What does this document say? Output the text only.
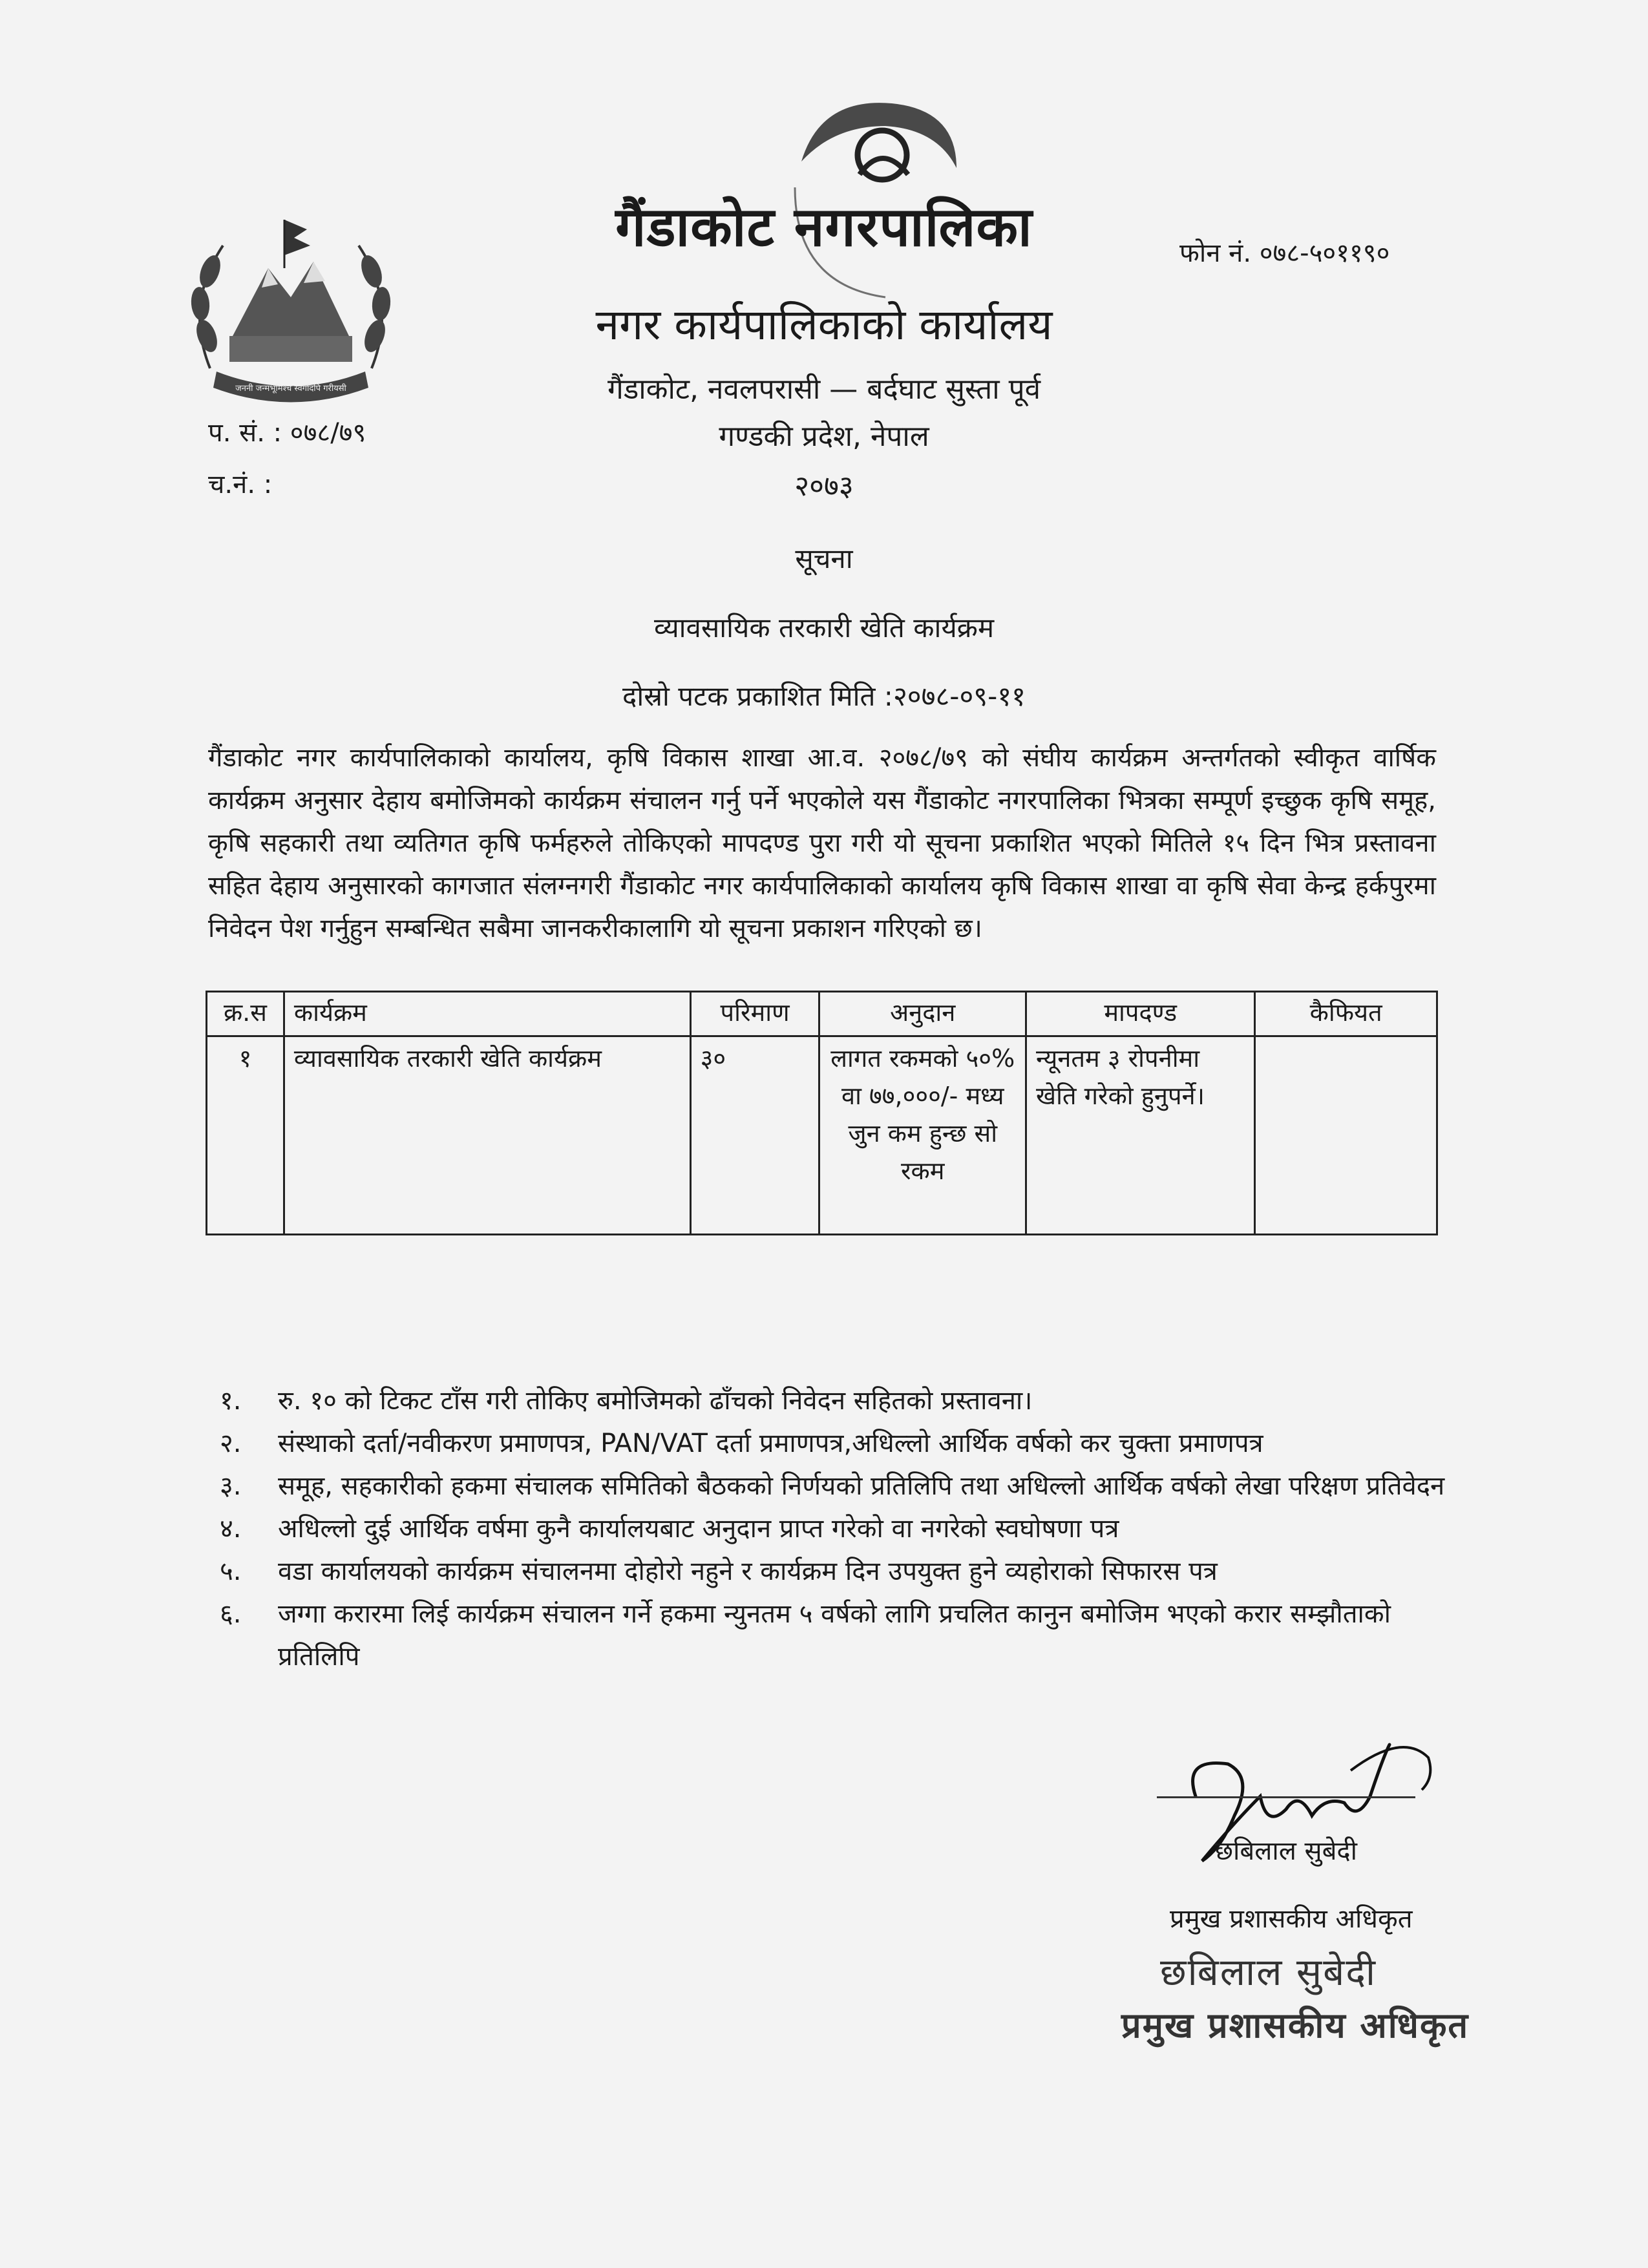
जननी जन्मभूमिश्च स्वर्गादपि गरीयसी
गैंडाकोट नगरपालिका
नगर कार्यपालिकाको कार्यालय
गैंडाकोट, नवलपरासी — बर्दघाट सुस्ता पूर्व
गण्डकी प्रदेश, नेपाल
२०७३
फोन नं. ०७८-५०११९०
प. सं. : ०७८/७९
च.नं. :
सूचना
व्यावसायिक तरकारी खेति कार्यक्रम
दोस्रो पटक प्रकाशित मिति :२०७८-०९-११
गैंडाकोट नगर कार्यपालिकाको कार्यालय, कृषि विकास शाखा आ.व. २०७८/७९ को संघीय कार्यक्रम अन्तर्गतको स्वीकृत वार्षिक कार्यक्रम अनुसार देहाय बमोजिमको कार्यक्रम संचालन गर्नु पर्ने भएकोले यस गैंडाकोट नगरपालिका भित्रका सम्पूर्ण इच्छुक कृषि समूह, कृषि सहकारी तथा व्यतिगत कृषि फर्महरुले तोकिएको मापदण्ड पुरा गरी यो सूचना प्रकाशित भएको मितिले १५ दिन भित्र प्रस्तावना सहित देहाय अनुसारको कागजात संलग्नगरी गैंडाकोट नगर कार्यपालिकाको कार्यालय कृषि विकास शाखा वा कृषि सेवा केन्द्र हर्कपुरमा निवेदन पेश गर्नुहुन सम्बन्धित सबैमा जानकरीकालागि यो सूचना प्रकाशन गरिएको छ।
क्र.स	कार्यक्रम	परिमाण	अनुदान	मापदण्ड	कैफियत
१	व्यावसायिक तरकारी खेति कार्यक्रम	३०	लागत रकमको ५०% वा ७७,०००/- मध्य जुन कम हुन्छ सो रकम	न्यूनतम ३ रोपनीमा खेति गरेको हुनुपर्ने।	
१.	रु. १० को टिकट टाँस गरी तोकिए बमोजिमको ढाँचको निवेदन सहितको प्रस्तावना।
२.	संस्थाको दर्ता/नवीकरण प्रमाणपत्र, PAN/VAT दर्ता प्रमाणपत्र,अधिल्लो आर्थिक वर्षको कर चुक्ता प्रमाणपत्र
३.	समूह, सहकारीको हकमा संचालक समितिको बैठकको निर्णयको प्रतिलिपि तथा अधिल्लो आर्थिक वर्षको लेखा परिक्षण प्रतिवेदन
४.	अधिल्लो दुई आर्थिक वर्षमा कुनै कार्यालयबाट अनुदान प्राप्त गरेको वा नगरेको स्वघोषणा पत्र
५.	वडा कार्यालयको कार्यक्रम संचालनमा दोहोरो नहुने र कार्यक्रम दिन उपयुक्त हुने व्यहोराको सिफारस पत्र
६.	जग्गा करारमा लिई कार्यक्रम संचालन गर्ने हकमा न्युनतम ५ वर्षको लागि प्रचलित कानुन बमोजिम भएको करार सम्झौताको प्रतिलिपि
छबिलाल सुबेदी
प्रमुख प्रशासकीय अधिकृत
छबिलाल सुबेदी
प्रमुख प्रशासकीय अधिकृत
